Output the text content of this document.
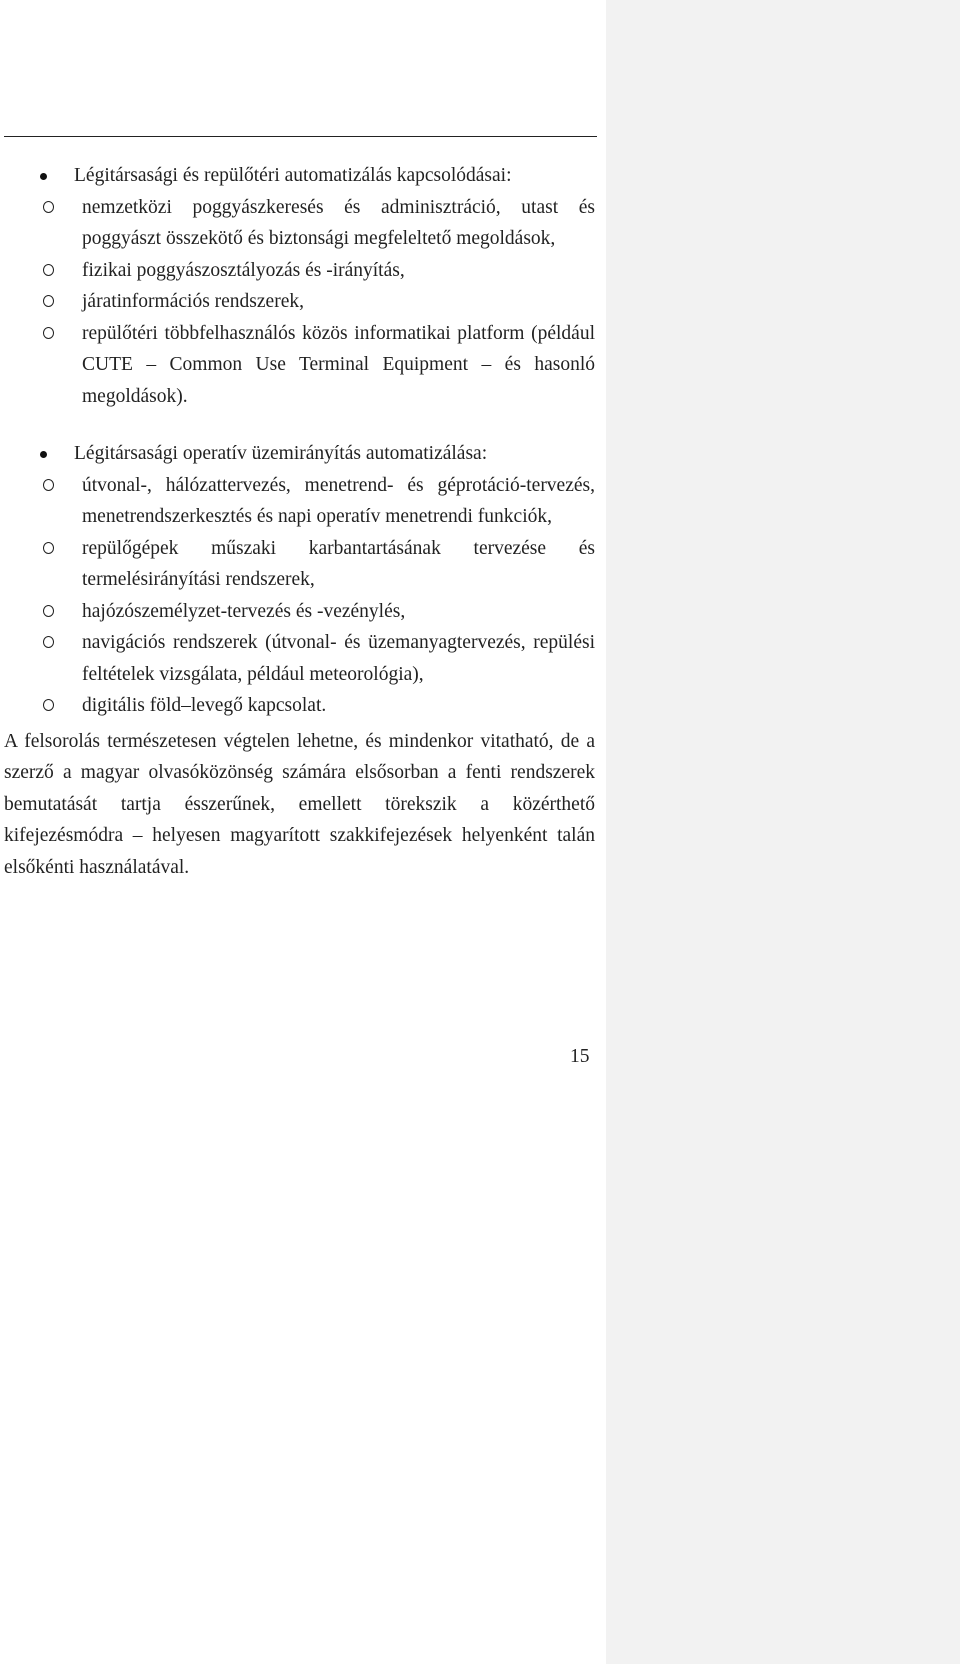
Légitársasági és repülőtéri automatizálás kapcsolódásai:
nemzetközi poggyászkeresés és adminisztráció, utast és poggyászt összekötő és biztonsági megfeleltető megoldások,
fizikai poggyászosztályozás és -irányítás,
járatinformációs rendszerek,
repülőtéri többfelhasználós közös informatikai platform (például CUTE – Common Use Terminal Equipment – és hasonló megoldások).
Légitársasági operatív üzemirányítás automatizálása:
útvonal-, hálózattervezés, menetrend- és géprotáció-tervezés, menetrendszerkesztés és napi operatív menetrendi funkciók,
repülőgépek műszaki karbantartásának tervezése és termelésirányítási rendszerek,
hajózószemélyzet-tervezés és -vezénylés,
navigációs rendszerek (útvonal- és üzemanyagtervezés, repülési feltételek vizsgálata, például meteorológia),
digitális föld–levegő kapcsolat.

A felsorolás természetesen végtelen lehetne, és mindenkor vitatható, de a szerző a magyar olvasóközönség számára elsősorban a fenti rendszerek bemutatását tartja ésszerűnek, emellett törekszik a közérthető kifejezésmódra – helyesen magyarított szakkifejezések helyenként talán elsőkénti használatával.

15
